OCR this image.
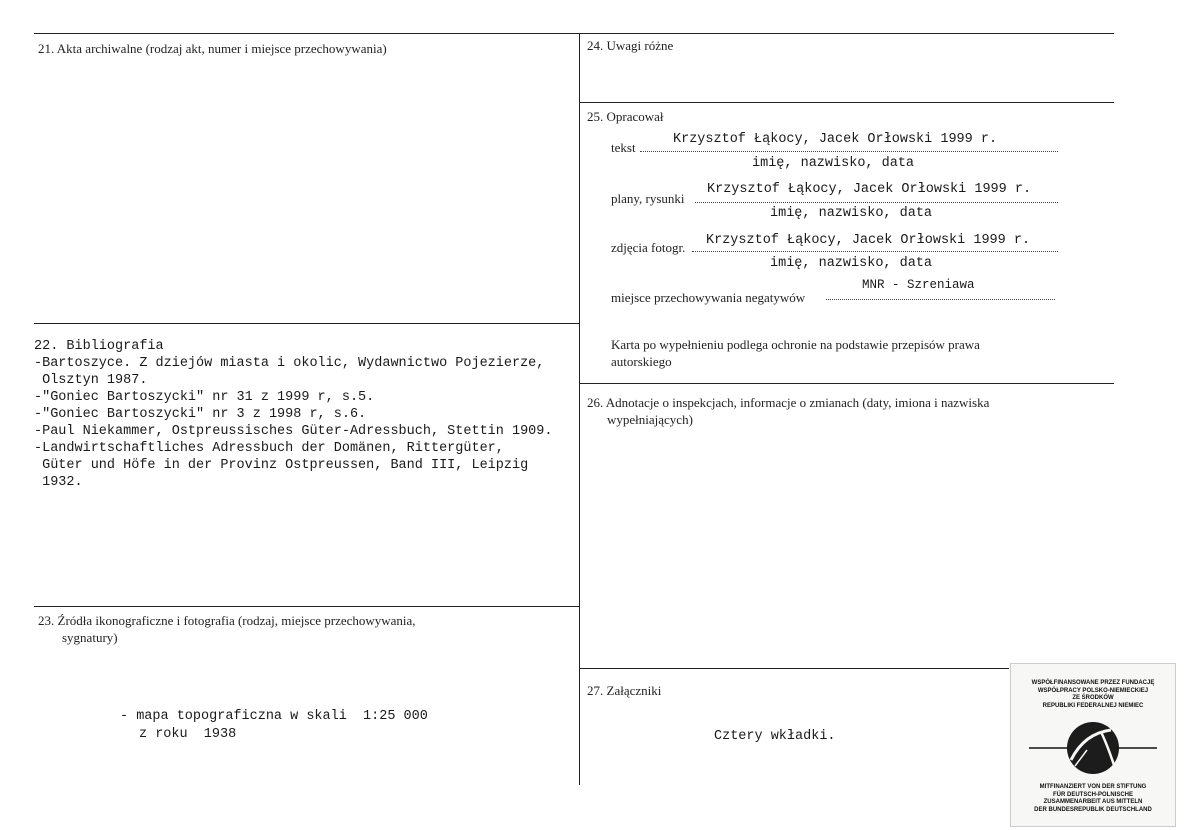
21. Akta archiwalne (rodzaj akt, numer i miejsce przechowywania)
22. Bibliografia
-Bartoszyce. Z dziejów miasta i okolic, Wydawnictwo Pojezierze,
Olsztyn 1987.
-"Goniec Bartoszycki" nr 31 z 1999 r, s.5.
-"Goniec Bartoszycki" nr 3 z 1998 r, s.6.
-Paul Niekammer, Ostpreussisches Güter-Adressbuch, Stettin 1909.
-Landwirtschaftliches Adressbuch der Domänen, Rittergüter,
Güter und Höfe in der Provinz Ostpreussen, Band III, Leipzig
1932.
23. Źródła ikonograficzne i fotografia (rodzaj, miejsce przechowywania,
sygnatury)
- mapa topograficzna w skali  1:25 000
z roku  1938
24. Uwagi różne
25. Opracował
tekst
Krzysztof Łąkocy, Jacek Orłowski 1999 r.
imię, nazwisko, data
plany, rysunki
Krzysztof Łąkocy, Jacek Orłowski 1999 r.
imię, nazwisko, data
zdjęcia fotogr. Krzysztof Łąkocy, Jacek Orłowski 1999 r.
imię, nazwisko, data
miejsce przechowywania negatywów
MNR - Szreniawa
Karta po wypełnieniu podlega ochronie na podstawie przepisów prawa
autorskiego
26. Adnotacje o inspekcjach, informacje o zmianach (daty, imiona i nazwiska
wypełniających)
27. Załączniki
Cztery wkładki.
WSPÓŁFINANSOWANE PRZEZ FUNDACJĘ
WSPÓŁPRACY POLSKO-NIEMIECKIEJ
ZE ŚRODKÓW
REPUBLIKI FEDERALNEJ NIEMIEC
MITFINANZIERT VON DER STIFTUNG
FÜR DEUTSCH-POLNISCHE
ZUSAMMENARBEIT AUS MITTELN
DER BUNDESREPUBLIK DEUTSCHLAND
